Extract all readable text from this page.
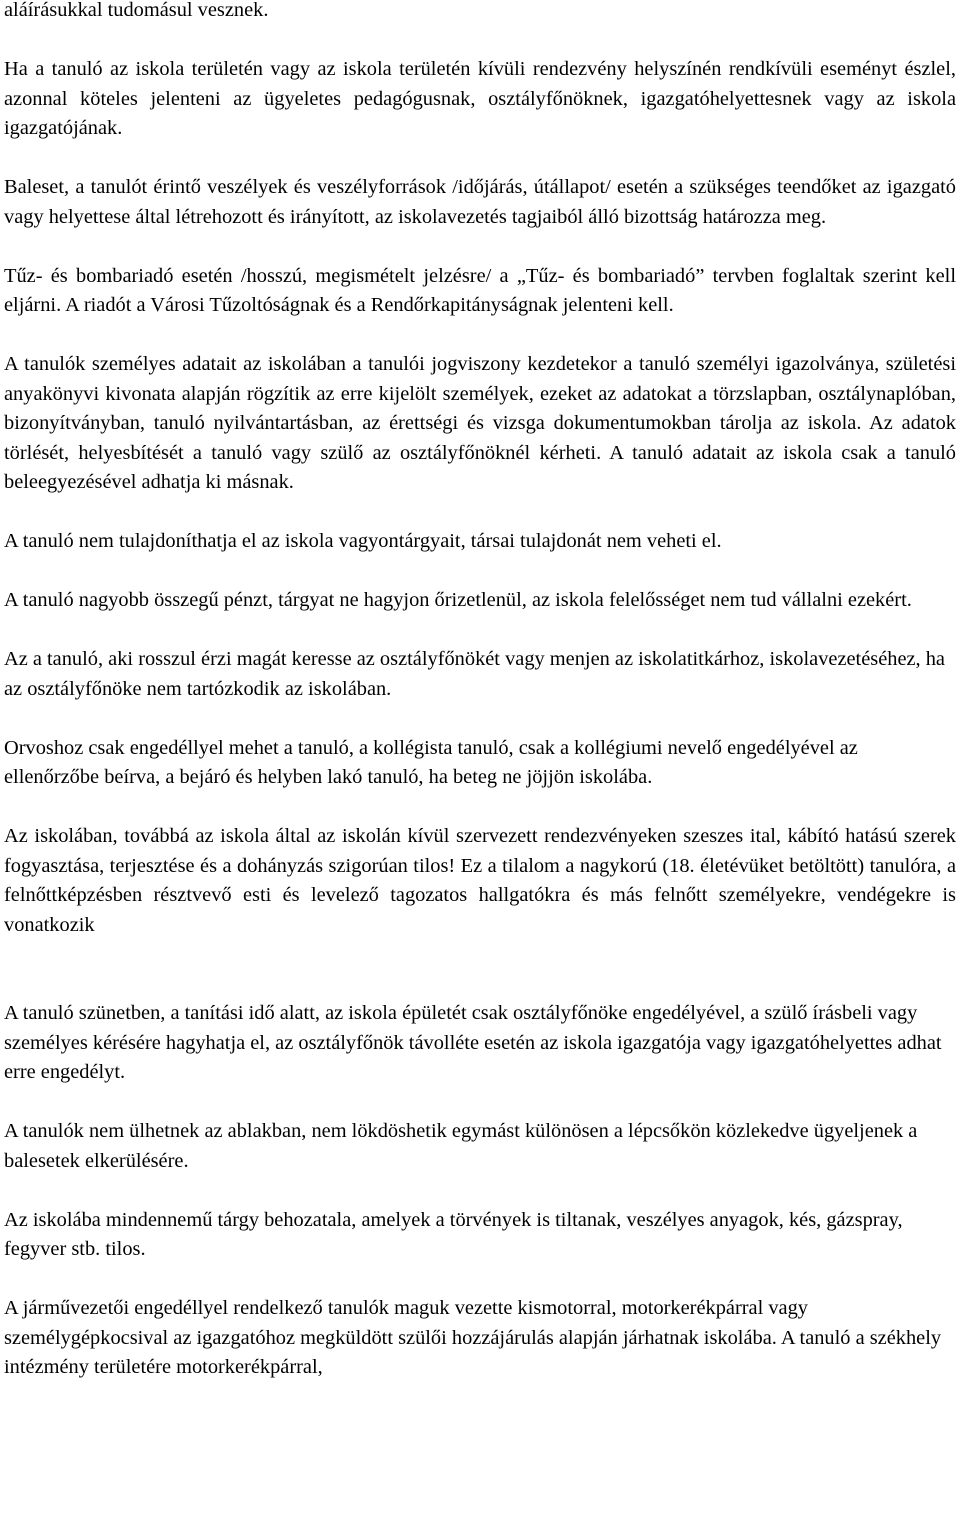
aláírásukkal tudomásul vesznek.

Ha a tanuló az iskola területén vagy az iskola területén kívüli rendezvény helyszínén rendkívüli eseményt észlel, azonnal köteles jelenteni az ügyeletes pedagógusnak, osztályfőnöknek, igazgatóhelyettesnek vagy az iskola igazgatójának.

Baleset, a tanulót érintő veszélyek és veszélyforrások /időjárás, útállapot/ esetén a szükséges teendőket az igazgató vagy helyettese által létrehozott és irányított, az iskolavezetés tagjaiból álló bizottság határozza meg.

Tűz- és bombariadó esetén /hosszú, megismételt jelzésre/ a „Tűz- és bombariadó” tervben foglaltak szerint kell eljárni. A riadót a Városi Tűzoltóságnak és a Rendőrkapitányságnak jelenteni kell.

A tanulók személyes adatait az iskolában a tanulói jogviszony kezdetekor a tanuló személyi igazolványa, születési anyakönyvi kivonata alapján rögzítik az erre kijelölt személyek, ezeket az adatokat a törzslapban, osztálynaplóban, bizonyítványban, tanuló nyilvántartásban, az érettségi és vizsga dokumentumokban tárolja az iskola. Az adatok törlését, helyesbítését a tanuló vagy szülő az osztályfőnöknél kérheti. A tanuló adatait az iskola csak a tanuló beleegyezésével adhatja ki másnak.

A tanuló nem tulajdoníthatja el az iskola vagyontárgyait, társai tulajdonát nem veheti el.

A tanuló nagyobb összegű pénzt, tárgyat ne hagyjon őrizetlenül, az iskola felelősséget nem tud vállalni ezekért.

Az a tanuló, aki rosszul érzi magát keresse az osztályfőnökét vagy menjen az iskolatitkárhoz, iskolavezetéséhez, ha az osztályfőnöke nem tartózkodik az iskolában.

Orvoshoz csak engedéllyel mehet a tanuló, a kollégista tanuló, csak a kollégiumi nevelő engedélyével az ellenőrzőbe beírva, a bejáró és helyben lakó tanuló, ha beteg ne jöjjön iskolába.

Az iskolában, továbbá az iskola által az iskolán kívül szervezett rendezvényeken szeszes ital, kábító hatású szerek fogyasztása, terjesztése és a dohányzás szigorúan tilos! Ez a tilalom a nagykorú (18. életévüket betöltött) tanulóra, a felnőttképzésben résztvevő esti és levelező tagozatos hallgatókra és más felnőtt személyekre, vendégekre is vonatkozik

A tanuló szünetben, a tanítási idő alatt, az iskola épületét csak osztályfőnöke engedélyével, a szülő írásbeli vagy személyes kérésére hagyhatja el, az osztályfőnök távolléte esetén az iskola igazgatója vagy igazgatóhelyettes adhat erre engedélyt.

A tanulók nem ülhetnek az ablakban, nem lökdöshetik egymást különösen a lépcsőkön közlekedve ügyeljenek a balesetek elkerülésére.

Az iskolába mindennemű tárgy behozatala, amelyek a törvények is tiltanak, veszélyes anyagok, kés, gázspray, fegyver stb. tilos.

A járművezetői engedéllyel rendelkező tanulók maguk vezette kismotorral, motorkerékpárral vagy személygépkocsival az igazgatóhoz megküldött szülői hozzájárulás alapján járhatnak iskolába. A tanuló a székhely intézmény területére motorkerékpárral,
